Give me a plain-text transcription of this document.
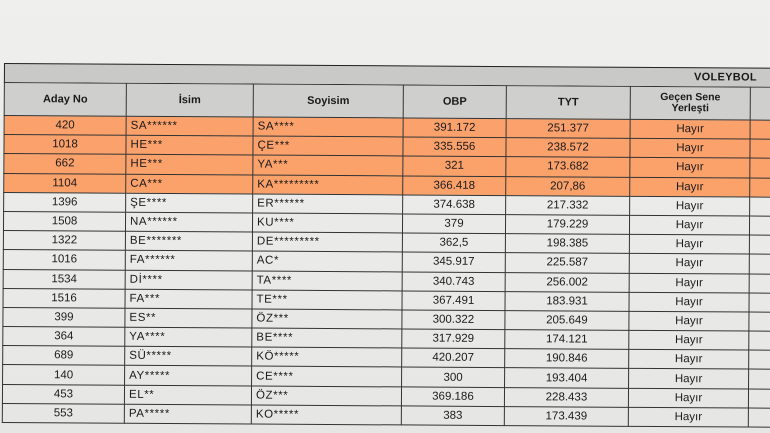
VOLEYBOL
Aday No	İsim	Soyisim	OBP	TYT	Geçen Sene
Yerleşti	
420	SA******	SA****	391.172	251.377	Hayır	
1018	HE***	ÇE***	335.556	238.572	Hayır	
662	HE***	YA***	321	173.682	Hayır	
1104	CA***	KA*********	366.418	207,86	Hayır	
1396	ŞE****	ER******	374.638	217.332	Hayır	
1508	NA******	KU****	379	179.229	Hayır	
1322	BE*******	DE*********	362,5	198.385	Hayır	
1016	FA******	AC*	345.917	225.587	Hayır	
1534	Dİ****	TA****	340.743	256.002	Hayır	
1516	FA***	TE***	367.491	183.931	Hayır	
399	ES**	ÖZ***	300.322	205.649	Hayır	
364	YA****	BE****	317.929	174.121	Hayır	
689	SÜ*****	KÖ*****	420.207	190.846	Hayır	
140	AY*****	CE****	300	193.404	Hayır	
453	EL**	ÖZ***	369.186	228.433	Hayır	
553	PA*****	KO*****	383	173.439	Hayır	
